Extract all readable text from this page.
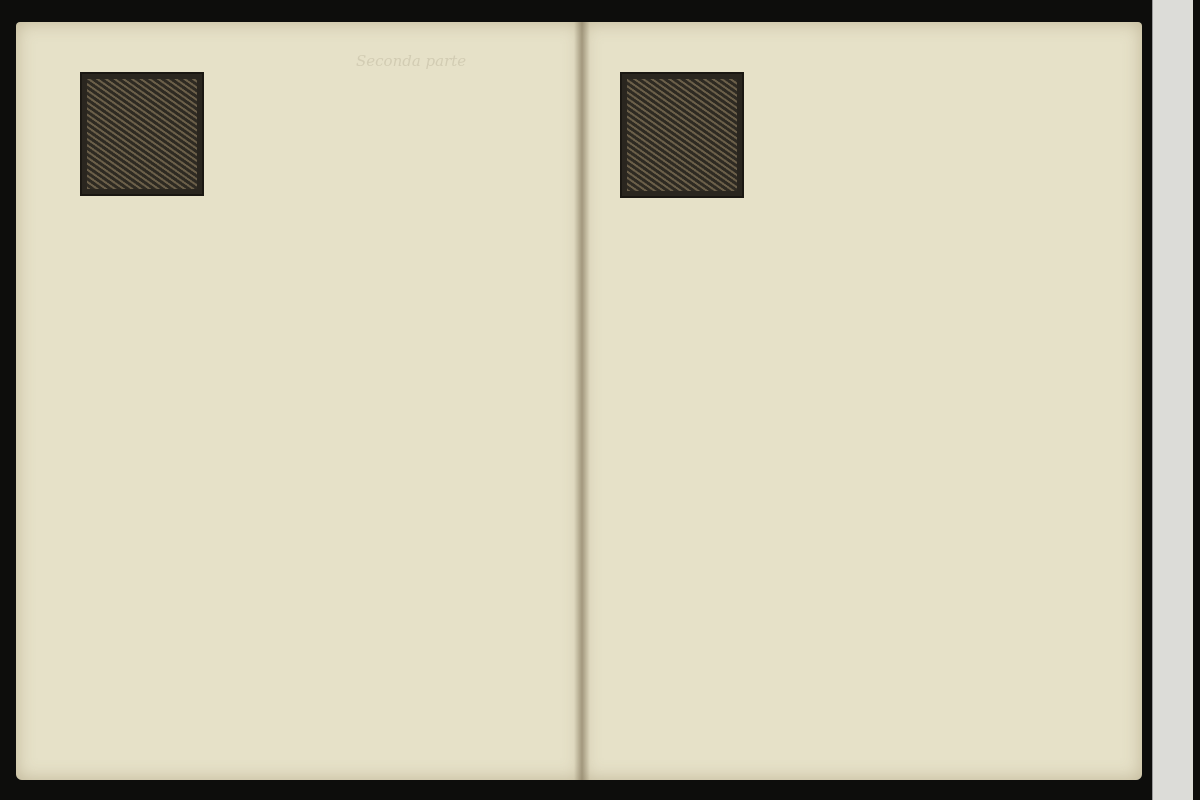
Seconda parte
